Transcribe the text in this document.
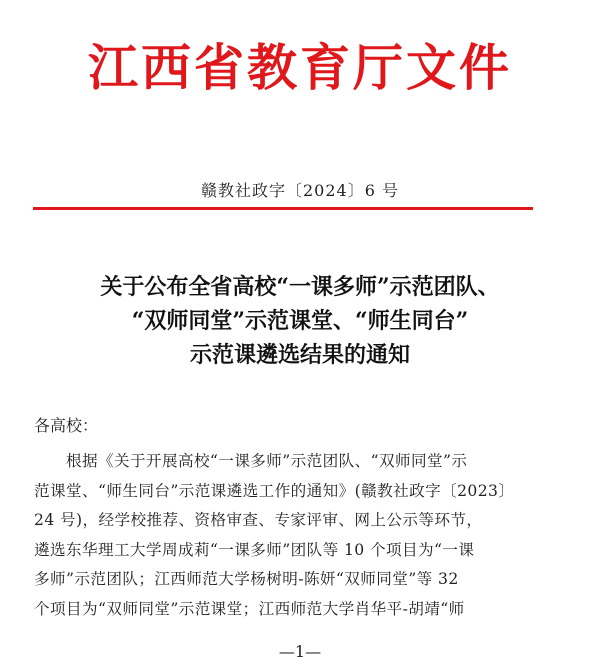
江西省教育厅文件
赣教社政字〔2024〕6 号
关于公布全省高校“一课多师”示范团队、
“双师同堂”示范课堂、“师生同台”
示范课遴选结果的通知
各高校：
　　根据《关于开展高校“一课多师”示范团队、“双师同堂”示
范课堂、“师生同台”示范课遴选工作的通知》(赣教社政字〔2023〕
24 号)，经学校推荐、资格审查、专家评审、网上公示等环节，
遴选东华理工大学周成莉“一课多师”团队等 10 个项目为“一课
多师”示范团队；江西师范大学杨树明-陈妍“双师同堂”等 32
个项目为“双师同堂”示范课堂；江西师范大学肖华平-胡靖“师
—1—
